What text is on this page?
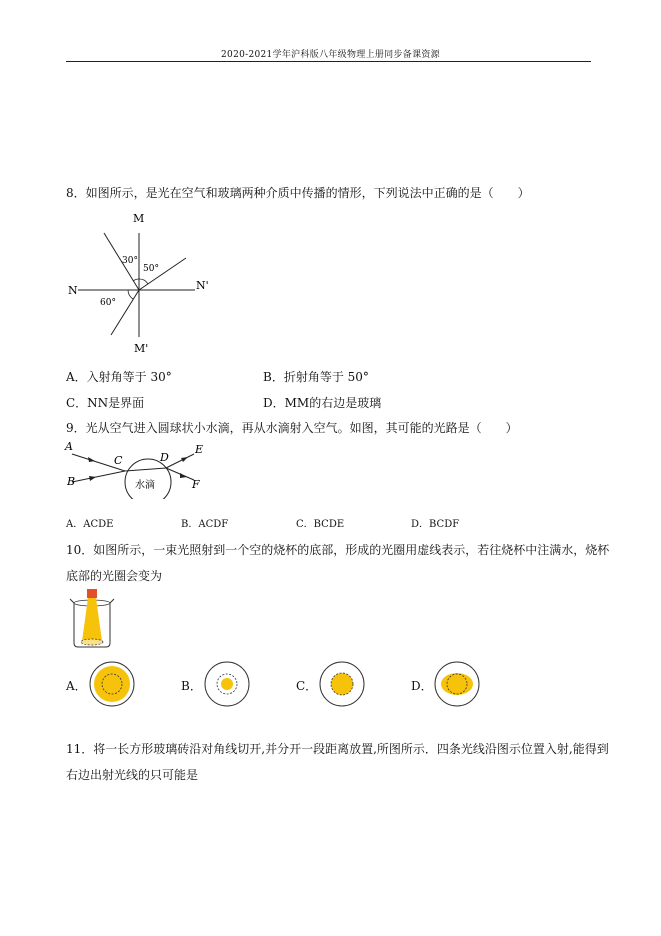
2020-2021学年沪科版八年级物理上册同步备课资源
8．如图所示，是光在空气和玻璃两种介质中传播的情形，下列说法中正确的是（　　）
M
M'
N	N'
30°
50°
60°
A．入射角等于 30°	B．折射角等于 50°
C．NN是界面	D．MM的右边是玻璃
9．光从空气进入圆球状小水滴，再从水滴射入空气。如图，其可能的光路是（　　）
A
B
C	D
E
F
水滴
A．ACDE	B．ACDF	C．BCDE	D．BCDF
10．如图所示，一束光照射到一个空的烧杯的底部，形成的光圈用虚线表示，若往烧杯中注满水，烧杯
底部的光圈会变为
A．	B．	C．	D．
11．将一长方形玻璃砖沿对角线切开,并分开一段距离放置,所图所示．四条光线沿图示位置入射,能得到
右边出射光线的只可能是
